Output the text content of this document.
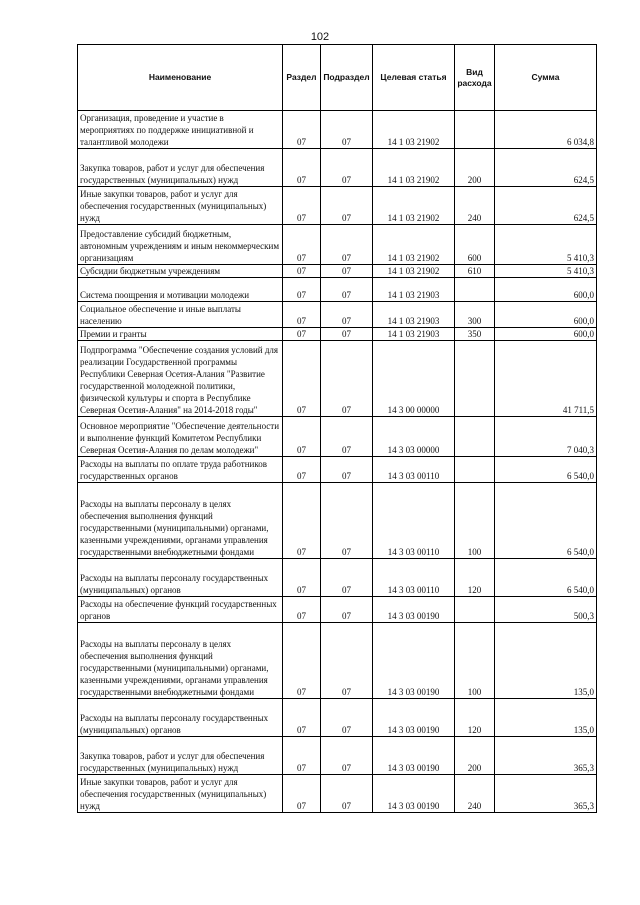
102
Наименование	Раздел	Подраздел	Целевая статья	Вид расхода	Сумма
Организация, проведение и участие в мероприятиях по поддержке инициативной и талантливой молодежи	07	07	14 1 03 21902		6 034,8
Закупка товаров, работ и услуг для обеспечения государственных (муниципальных) нужд	07	07	14 1 03 21902	200	624,5
Иные закупки товаров, работ и услуг для обеспечения государственных (муниципальных) нужд	07	07	14 1 03 21902	240	624,5
Предоставление субсидий бюджетным, автономным учреждениям и иным некоммерческим организациям	07	07	14 1 03 21902	600	5 410,3
Субсидии бюджетным учреждениям	07	07	14 1 03 21902	610	5 410,3
Система поощрения и мотивации молодежи	07	07	14 1 03 21903		600,0
Социальное обеспечение и иные выплаты населению	07	07	14 1 03 21903	300	600,0
Премии и гранты	07	07	14 1 03 21903	350	600,0
Подпрограмма "Обеспечение создания условий для реализации Государственной программы Республики Северная Осетия-Алания "Развитие государственной молодежной политики, физической культуры и спорта в Республике Северная Осетия-Алания" на 2014-2018 годы"	07	07	14 3 00 00000		41 711,5
Основное мероприятие "Обеспечение деятельности и выполнение функций Комитетом Республики Северная Осетия-Алания по делам молодежи"	07	07	14 3 03 00000		7 040,3
Расходы на выплаты по оплате труда работников государственных органов	07	07	14 3 03 00110		6 540,0
Расходы на выплаты персоналу в целях обеспечения выполнения функций государственными (муниципальными) органами, казенными учреждениями, органами управления государственными внебюджетными фондами	07	07	14 3 03 00110	100	6 540,0
Расходы на выплаты персоналу государственных (муниципальных) органов	07	07	14 3 03 00110	120	6 540,0
Расходы на обеспечение функций государственных органов	07	07	14 3 03 00190		500,3
Расходы на выплаты персоналу в целях обеспечения выполнения функций государственными (муниципальными) органами, казенными учреждениями, органами управления государственными внебюджетными фондами	07	07	14 3 03 00190	100	135,0
Расходы на выплаты персоналу государственных (муниципальных) органов	07	07	14 3 03 00190	120	135,0
Закупка товаров, работ и услуг для обеспечения государственных (муниципальных) нужд	07	07	14 3 03 00190	200	365,3
Иные закупки товаров, работ и услуг для обеспечения государственных (муниципальных) нужд	07	07	14 3 03 00190	240	365,3
